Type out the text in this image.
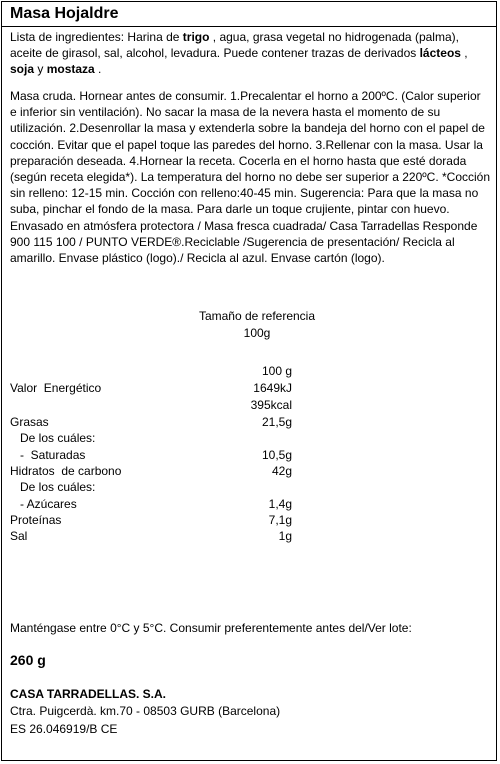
Masa Hojaldre
Lista de ingredientes: Harina de trigo , agua, grasa vegetal no hidrogenada (palma), aceite de girasol, sal, alcohol, levadura. Puede contener trazas de derivados lácteos , soja y mostaza .
Masa cruda. Hornear antes de consumir. 1.Precalentar el horno a 200ºC. (Calor superior e inferior sin ventilación). No sacar la masa de la nevera hasta el momento de su utilización. 2.Desenrollar la masa y extenderla sobre la bandeja del horno con el papel de cocción. Evitar que el papel toque las paredes del horno. 3.Rellenar con la masa. Usar la preparación deseada. 4.Hornear la receta. Cocerla en el horno hasta que esté dorada (según receta elegida*). La temperatura del horno no debe ser superior a 220ºC. *Cocción sin relleno: 12-15 min. Cocción con relleno:40-45 min. Sugerencia: Para que la masa no suba, pinchar el fondo de la masa. Para darle un toque crujiente, pintar con huevo. Envasado en atmósfera protectora / Masa fresca cuadrada/ Casa Tarradellas Responde 900 115 100 / PUNTO VERDE®.Reciclable /Sugerencia de presentación/ Recicla al amarillo. Envase plástico (logo)./ Recicla al azul. Envase cartón (logo).
Tamaño de referencia
100g
100 g
Valor  Energético	1649kJ
395kcal
Grasas	21,5g
De los cuáles:
-  Saturadas	10,5g
Hidratos  de carbono	42g
De los cuáles:
- Azúcares	1,4g
Proteínas	7,1g
Sal	1g
Manténgase entre 0°C y 5°C. Consumir preferentemente antes del/Ver lote:
260 g
CASA TARRADELLAS. S.A.
Ctra. Puigcerdà. km.70 - 08503 GURB (Barcelona)
ES 26.046919/B CE
